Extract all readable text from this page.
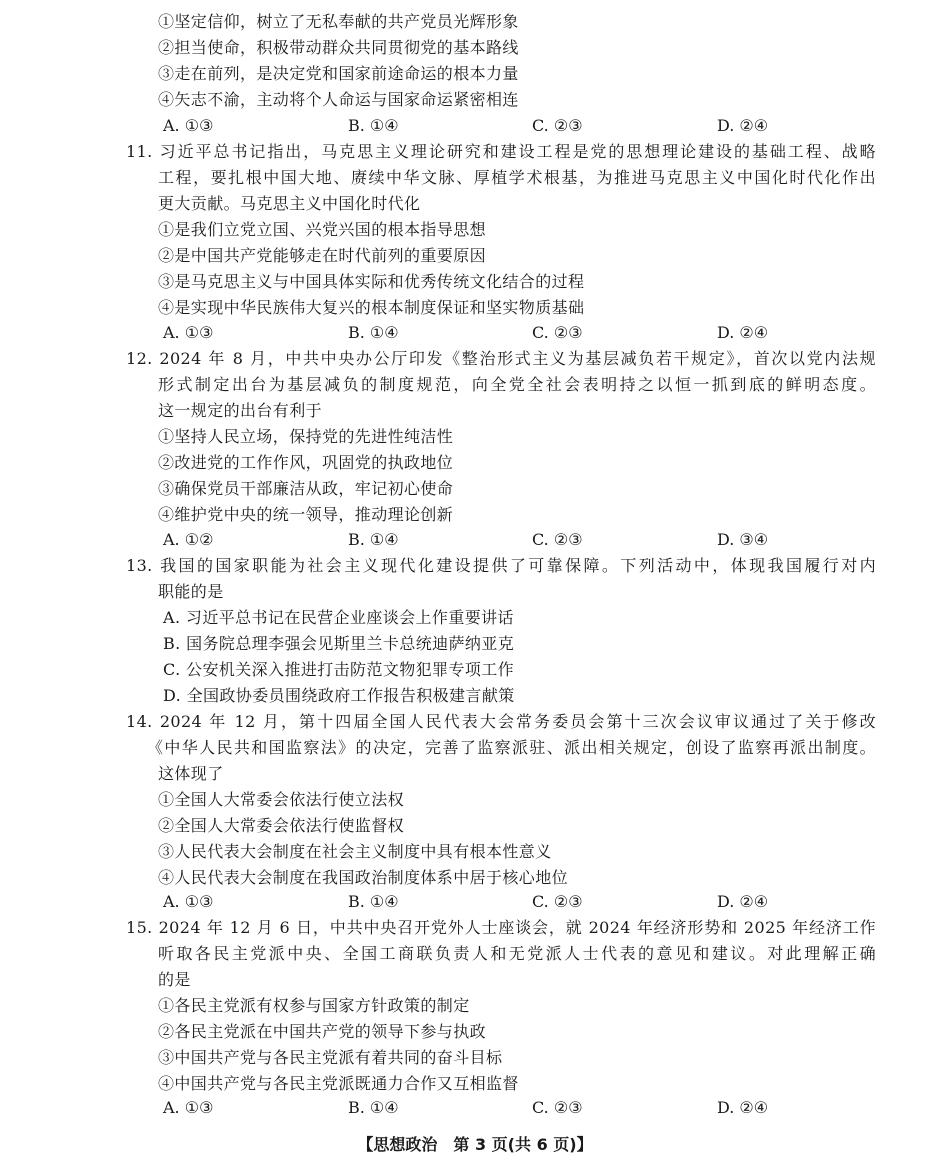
①坚定信仰，树立了无私奉献的共产党员光辉形象
②担当使命，积极带动群众共同贯彻党的基本路线
③走在前列，是决定党和国家前途命运的根本力量
④矢志不渝，主动将个人命运与国家命运紧密相连
A. ①③	B. ①④	C. ②③	D. ②④
11. 习近平总书记指出，马克思主义理论研究和建设工程是党的思想理论建设的基础工程、战略
工程，要扎根中国大地、赓续中华文脉、厚植学术根基，为推进马克思主义中国化时代化作出
更大贡献。马克思主义中国化时代化
①是我们立党立国、兴党兴国的根本指导思想
②是中国共产党能够走在时代前列的重要原因
③是马克思主义与中国具体实际和优秀传统文化结合的过程
④是实现中华民族伟大复兴的根本制度保证和坚实物质基础
A. ①③	B. ①④	C. ②③	D. ②④
12. 2024 年 8 月，中共中央办公厅印发《整治形式主义为基层减负若干规定》，首次以党内法规
形式制定出台为基层减负的制度规范，向全党全社会表明持之以恒一抓到底的鲜明态度。
这一规定的出台有利于
①坚持人民立场，保持党的先进性纯洁性
②改进党的工作作风，巩固党的执政地位
③确保党员干部廉洁从政，牢记初心使命
④维护党中央的统一领导，推动理论创新
A. ①②	B. ①④	C. ②③	D. ③④
13. 我国的国家职能为社会主义现代化建设提供了可靠保障。下列活动中，体现我国履行对内
职能的是
A. 习近平总书记在民营企业座谈会上作重要讲话
B. 国务院总理李强会见斯里兰卡总统迪萨纳亚克
C. 公安机关深入推进打击防范文物犯罪专项工作
D. 全国政协委员围绕政府工作报告积极建言献策
14. 2024 年 12 月，第十四届全国人民代表大会常务委员会第十三次会议审议通过了关于修改
《中华人民共和国监察法》的决定，完善了监察派驻、派出相关规定，创设了监察再派出制度。
这体现了
①全国人大常委会依法行使立法权
②全国人大常委会依法行使监督权
③人民代表大会制度在社会主义制度中具有根本性意义
④人民代表大会制度在我国政治制度体系中居于核心地位
A. ①③	B. ①④	C. ②③	D. ②④
15. 2024 年 12 月 6 日，中共中央召开党外人士座谈会，就 2024 年经济形势和 2025 年经济工作
听取各民主党派中央、全国工商联负责人和无党派人士代表的意见和建议。对此理解正确
的是
①各民主党派有权参与国家方针政策的制定
②各民主党派在中国共产党的领导下参与执政
③中国共产党与各民主党派有着共同的奋斗目标
④中国共产党与各民主党派既通力合作又互相监督
A. ①③	B. ①④	C. ②③	D. ②④
【思想政治　第 3 页(共 6 页)】
